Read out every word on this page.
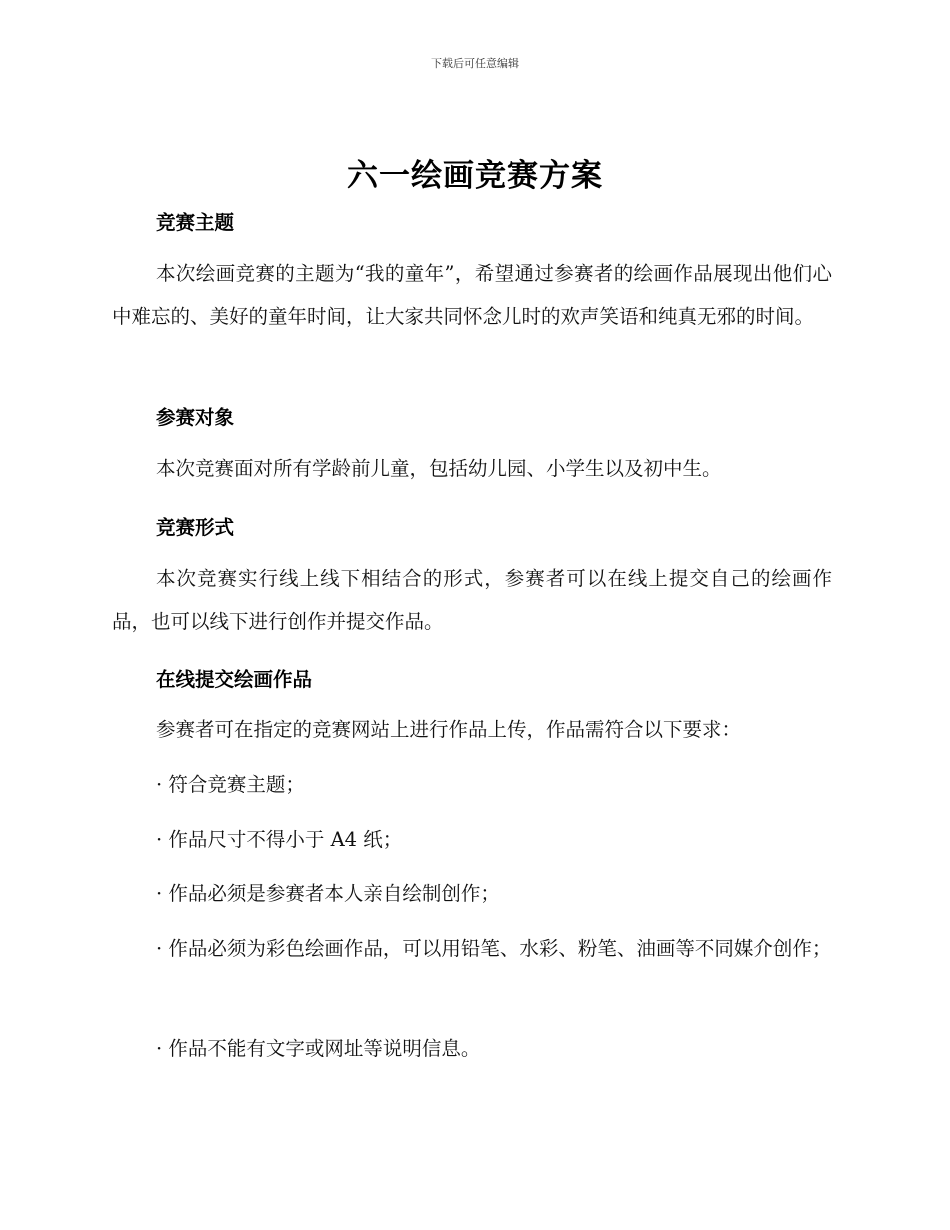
下载后可任意编辑
六一绘画竞赛方案
竞赛主题
本次绘画竞赛的主题为“我的童年”，希望通过参赛者的绘画作品展现出他们心中难忘的、美好的童年时间，让大家共同怀念儿时的欢声笑语和纯真无邪的时间。
参赛对象
本次竞赛面对所有学龄前儿童，包括幼儿园、小学生以及初中生。
竞赛形式
本次竞赛实行线上线下相结合的形式，参赛者可以在线上提交自己的绘画作品，也可以线下进行创作并提交作品。
在线提交绘画作品
参赛者可在指定的竞赛网站上进行作品上传，作品需符合以下要求：
· 符合竞赛主题；
· 作品尺寸不得小于 A4 纸；
· 作品必须是参赛者本人亲自绘制创作；
· 作品必须为彩色绘画作品，可以用铅笔、水彩、粉笔、油画等不同媒介创作；
· 作品不能有文字或网址等说明信息。
